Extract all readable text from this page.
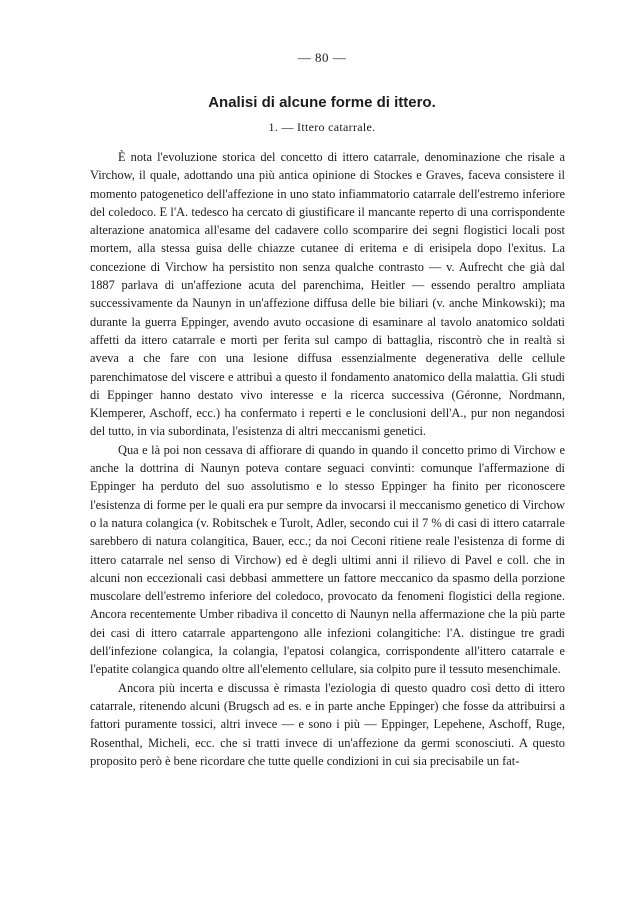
— 80 —
Analisi di alcune forme di ittero.
1. — Ittero catarrale.

È nota l'evoluzione storica del concetto di ittero catarrale, denominazione che risale a Virchow, il quale, adottando una più antica opinione di Stockes e Graves, faceva consistere il momento patogenetico dell'affezione in uno stato infiammatorio catarrale dell'estremo inferiore del coledoco. E l'A. tedesco ha cercato di giustificare il mancante reperto di una corrispondente alterazione anatomica all'esame del cadavere collo scomparire dei segni flogistici locali post mortem, alla stessa guisa delle chiazze cutanee di eritema e di erisipela dopo l'exitus. La concezione di Virchow ha persistito non senza qualche contrasto — v. Aufrecht che già dal 1887 parlava di un'affezione acuta del parenchima, Heitler — essendo peraltro ampliata successivamente da Naunyn in un'affezione diffusa delle bie biliari (v. anche Minkowski); ma durante la guerra Eppinger, avendo avuto occasione di esaminare al tavolo anatomico soldati affetti da ittero catarrale e morti per ferita sul campo di battaglia, riscontrò che in realtà si aveva a che fare con una lesione diffusa essenzialmente degenerativa delle cellule parenchimatose del viscere e attribuì a questo il fondamento anatomico della malattia. Gli studi di Eppinger hanno destato vivo interesse e la ricerca successiva (Géronne, Nordmann, Klemperer, Aschoff, ecc.) ha confermato i reperti e le conclusioni dell'A., pur non negandosi del tutto, in via subordinata, l'esistenza di altri meccanismi genetici.

Qua e là poi non cessava di affiorare di quando in quando il concetto primo di Virchow e anche la dottrina di Naunyn poteva contare seguaci convinti: comunque l'affermazione di Eppinger ha perduto del suo assolutismo e lo stesso Eppinger ha finito per riconoscere l'esistenza di forme per le quali era pur sempre da invocarsi il meccanismo genetico di Virchow o la natura colangica (v. Robitschek e Turolt, Adler, secondo cui il 7 % di casi di ittero catarrale sarebbero di natura colangitica, Bauer, ecc.; da noi Ceconi ritiene reale l'esistenza di forme di ittero catarrale nel senso di Virchow) ed è degli ultimi anni il rilievo di Pavel e coll. che in alcuni non eccezionali casi debbasi ammettere un fattore meccanico da spasmo della porzione muscolare dell'estremo inferiore del coledoco, provocato da fenomeni flogistici della regione. Ancora recentemente Umber ribadiva il concetto di Naunyn nella affermazione che la più parte dei casi di ittero catarrale appartengono alle infezioni colangitiche: l'A. distingue tre gradi dell'infezione colangica, la colangia, l'epatosi colangica, corrispondente all'ittero catarrale e l'epatite colangica quando oltre all'elemento cellulare, sia colpito pure il tessuto mesenchimale.

Ancora più incerta e discussa è rimasta l'eziologia di questo quadro così detto di ittero catarrale, ritenendo alcuni (Brugsch ad es. e in parte anche Eppinger) che fosse da attribuirsi a fattori puramente tossici, altri invece — e sono i più — Eppinger, Lepehene, Aschoff, Ruge, Rosenthal, Micheli, ecc. che si tratti invece di un'affezione da germi sconosciuti. A questo proposito però è bene ricordare che tutte quelle condizioni in cui sia precisabile un fat-
